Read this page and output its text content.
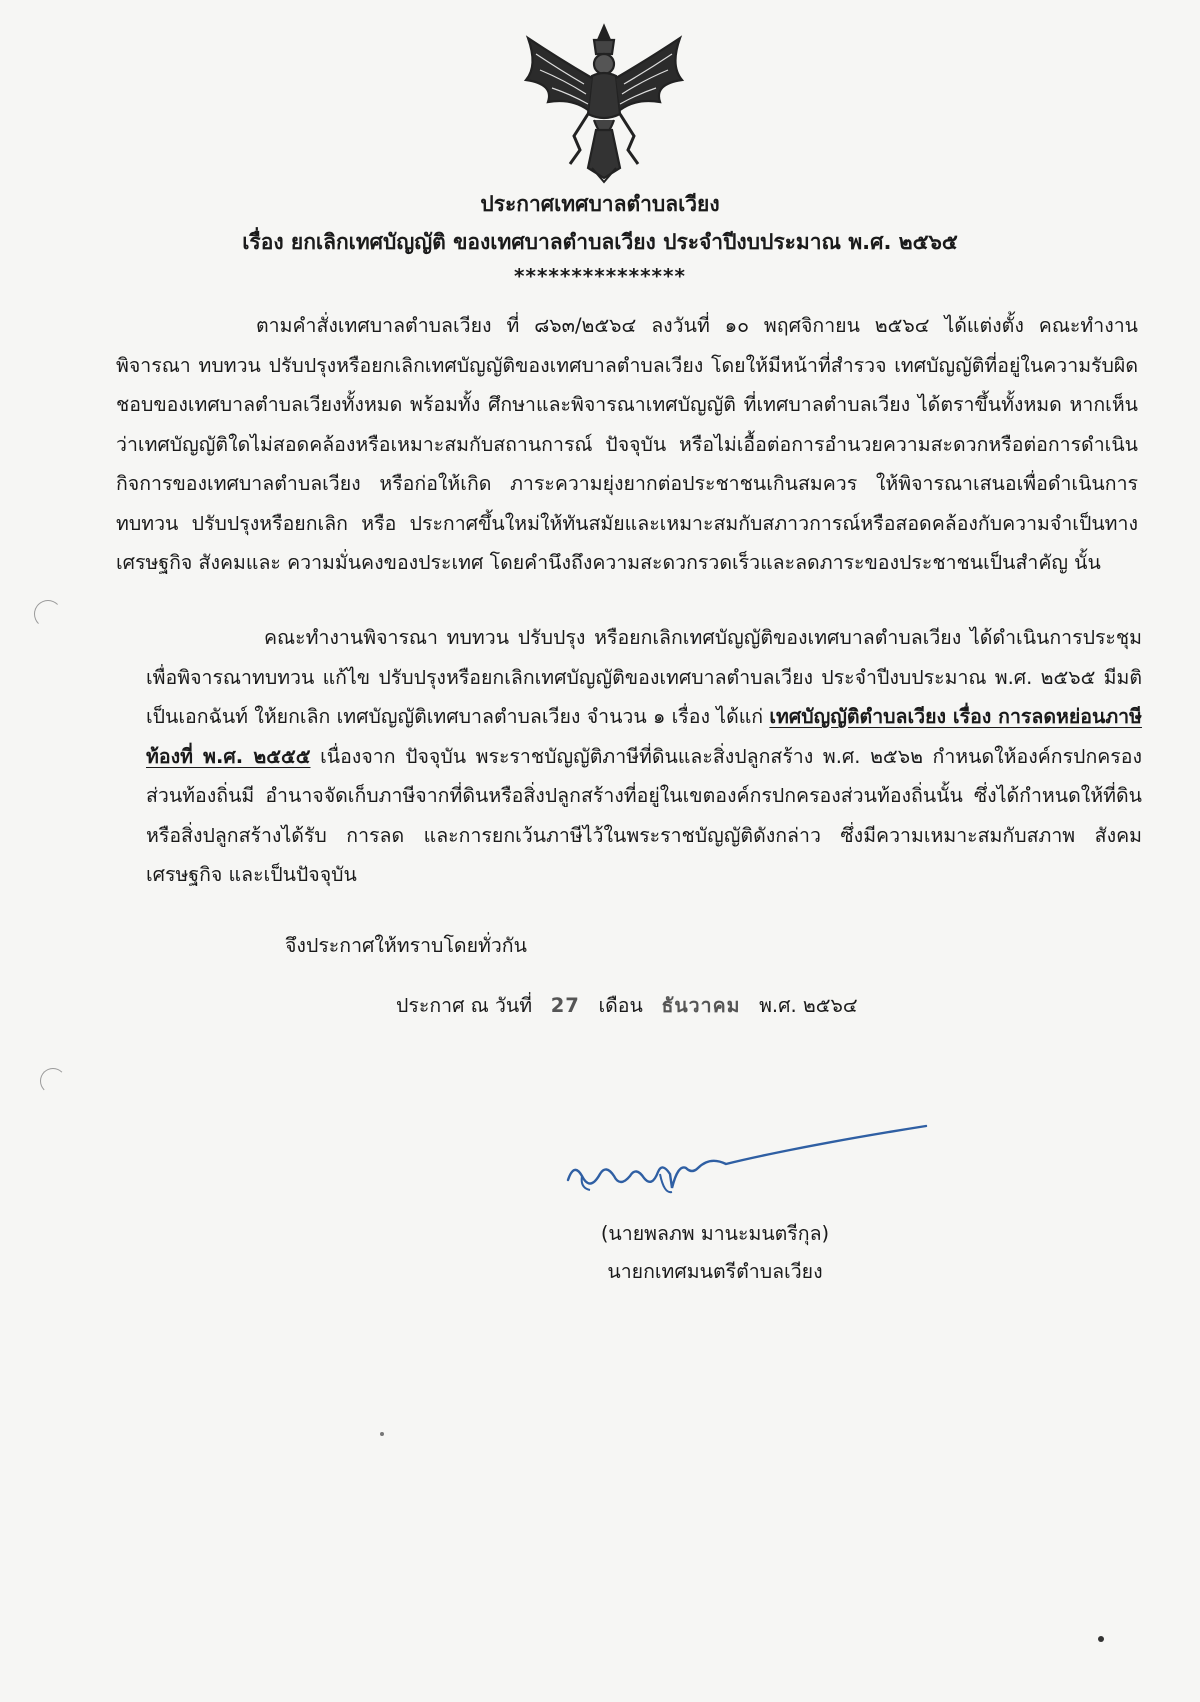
ประกาศเทศบาลตำบลเวียง
เรื่อง ยกเลิกเทศบัญญัติ ของเทศบาลตำบลเวียง ประจำปีงบประมาณ พ.ศ. ๒๕๖๕
***************
ตามคำสั่งเทศบาลตำบลเวียง ที่ ๘๖๓/๒๕๖๔ ลงวันที่ ๑๐ พฤศจิกายน ๒๕๖๔ ได้แต่งตั้ง คณะทำงานพิจารณา ทบทวน ปรับปรุงหรือยกเลิกเทศบัญญัติของเทศบาลตำบลเวียง โดยให้มีหน้าที่สำรวจ เทศบัญญัติที่อยู่ในความรับผิดชอบของเทศบาลตำบลเวียงทั้งหมด พร้อมทั้ง ศึกษาและพิจารณาเทศบัญญัติ ที่เทศบาลตำบลเวียง ได้ตราขึ้นทั้งหมด หากเห็นว่าเทศบัญญัติใดไม่สอดคล้องหรือเหมาะสมกับสถานการณ์ ปัจจุบัน หรือไม่เอื้อต่อการอำนวยความสะดวกหรือต่อการดำเนินกิจการของเทศบาลตำบลเวียง หรือก่อให้เกิด ภาระความยุ่งยากต่อประชาชนเกินสมควร ให้พิจารณาเสนอเพื่อดำเนินการทบทวน ปรับปรุงหรือยกเลิก หรือ ประกาศขึ้นใหม่ให้ทันสมัยและเหมาะสมกับสภาวการณ์หรือสอดคล้องกับความจำเป็นทางเศรษฐกิจ สังคมและ ความมั่นคงของประเทศ โดยคำนึงถึงความสะดวกรวดเร็วและลดภาระของประชาชนเป็นสำคัญ นั้น
คณะทำงานพิจารณา ทบทวน ปรับปรุง หรือยกเลิกเทศบัญญัติของเทศบาลตำบลเวียง ได้ดำเนินการประชุมเพื่อพิจารณาทบทวน แก้ไข ปรับปรุงหรือยกเลิกเทศบัญญัติของเทศบาลตำบลเวียง ประจำปีงบประมาณ พ.ศ. ๒๕๖๕ มีมติเป็นเอกฉันท์ ให้ยกเลิก เทศบัญญัติเทศบาลตำบลเวียง จำนวน ๑ เรื่อง ได้แก่ เทศบัญญัติตำบลเวียง เรื่อง การลดหย่อนภาษีท้องที่ พ.ศ. ๒๕๕๕ เนื่องจาก ปัจจุบัน พระราชบัญญัติภาษีที่ดินและสิ่งปลูกสร้าง พ.ศ. ๒๕๖๒ กำหนดให้องค์กรปกครองส่วนท้องถิ่นมี อำนาจจัดเก็บภาษีจากที่ดินหรือสิ่งปลูกสร้างที่อยู่ในเขตองค์กรปกครองส่วนท้องถิ่นนั้น ซึ่งได้กำหนดให้ที่ดิน หรือสิ่งปลูกสร้างได้รับ การลด และการยกเว้นภาษีไว้ในพระราชบัญญัติดังกล่าว ซึ่งมีความเหมาะสมกับสภาพ สังคม เศรษฐกิจ และเป็นปัจจุบัน
จึงประกาศให้ทราบโดยทั่วกัน
ประกาศ ณ วันที่ 27 เดือน ธันวาคม พ.ศ. ๒๕๖๔
(นายพลภพ มานะมนตรีกุล)
นายกเทศมนตรีตำบลเวียง
